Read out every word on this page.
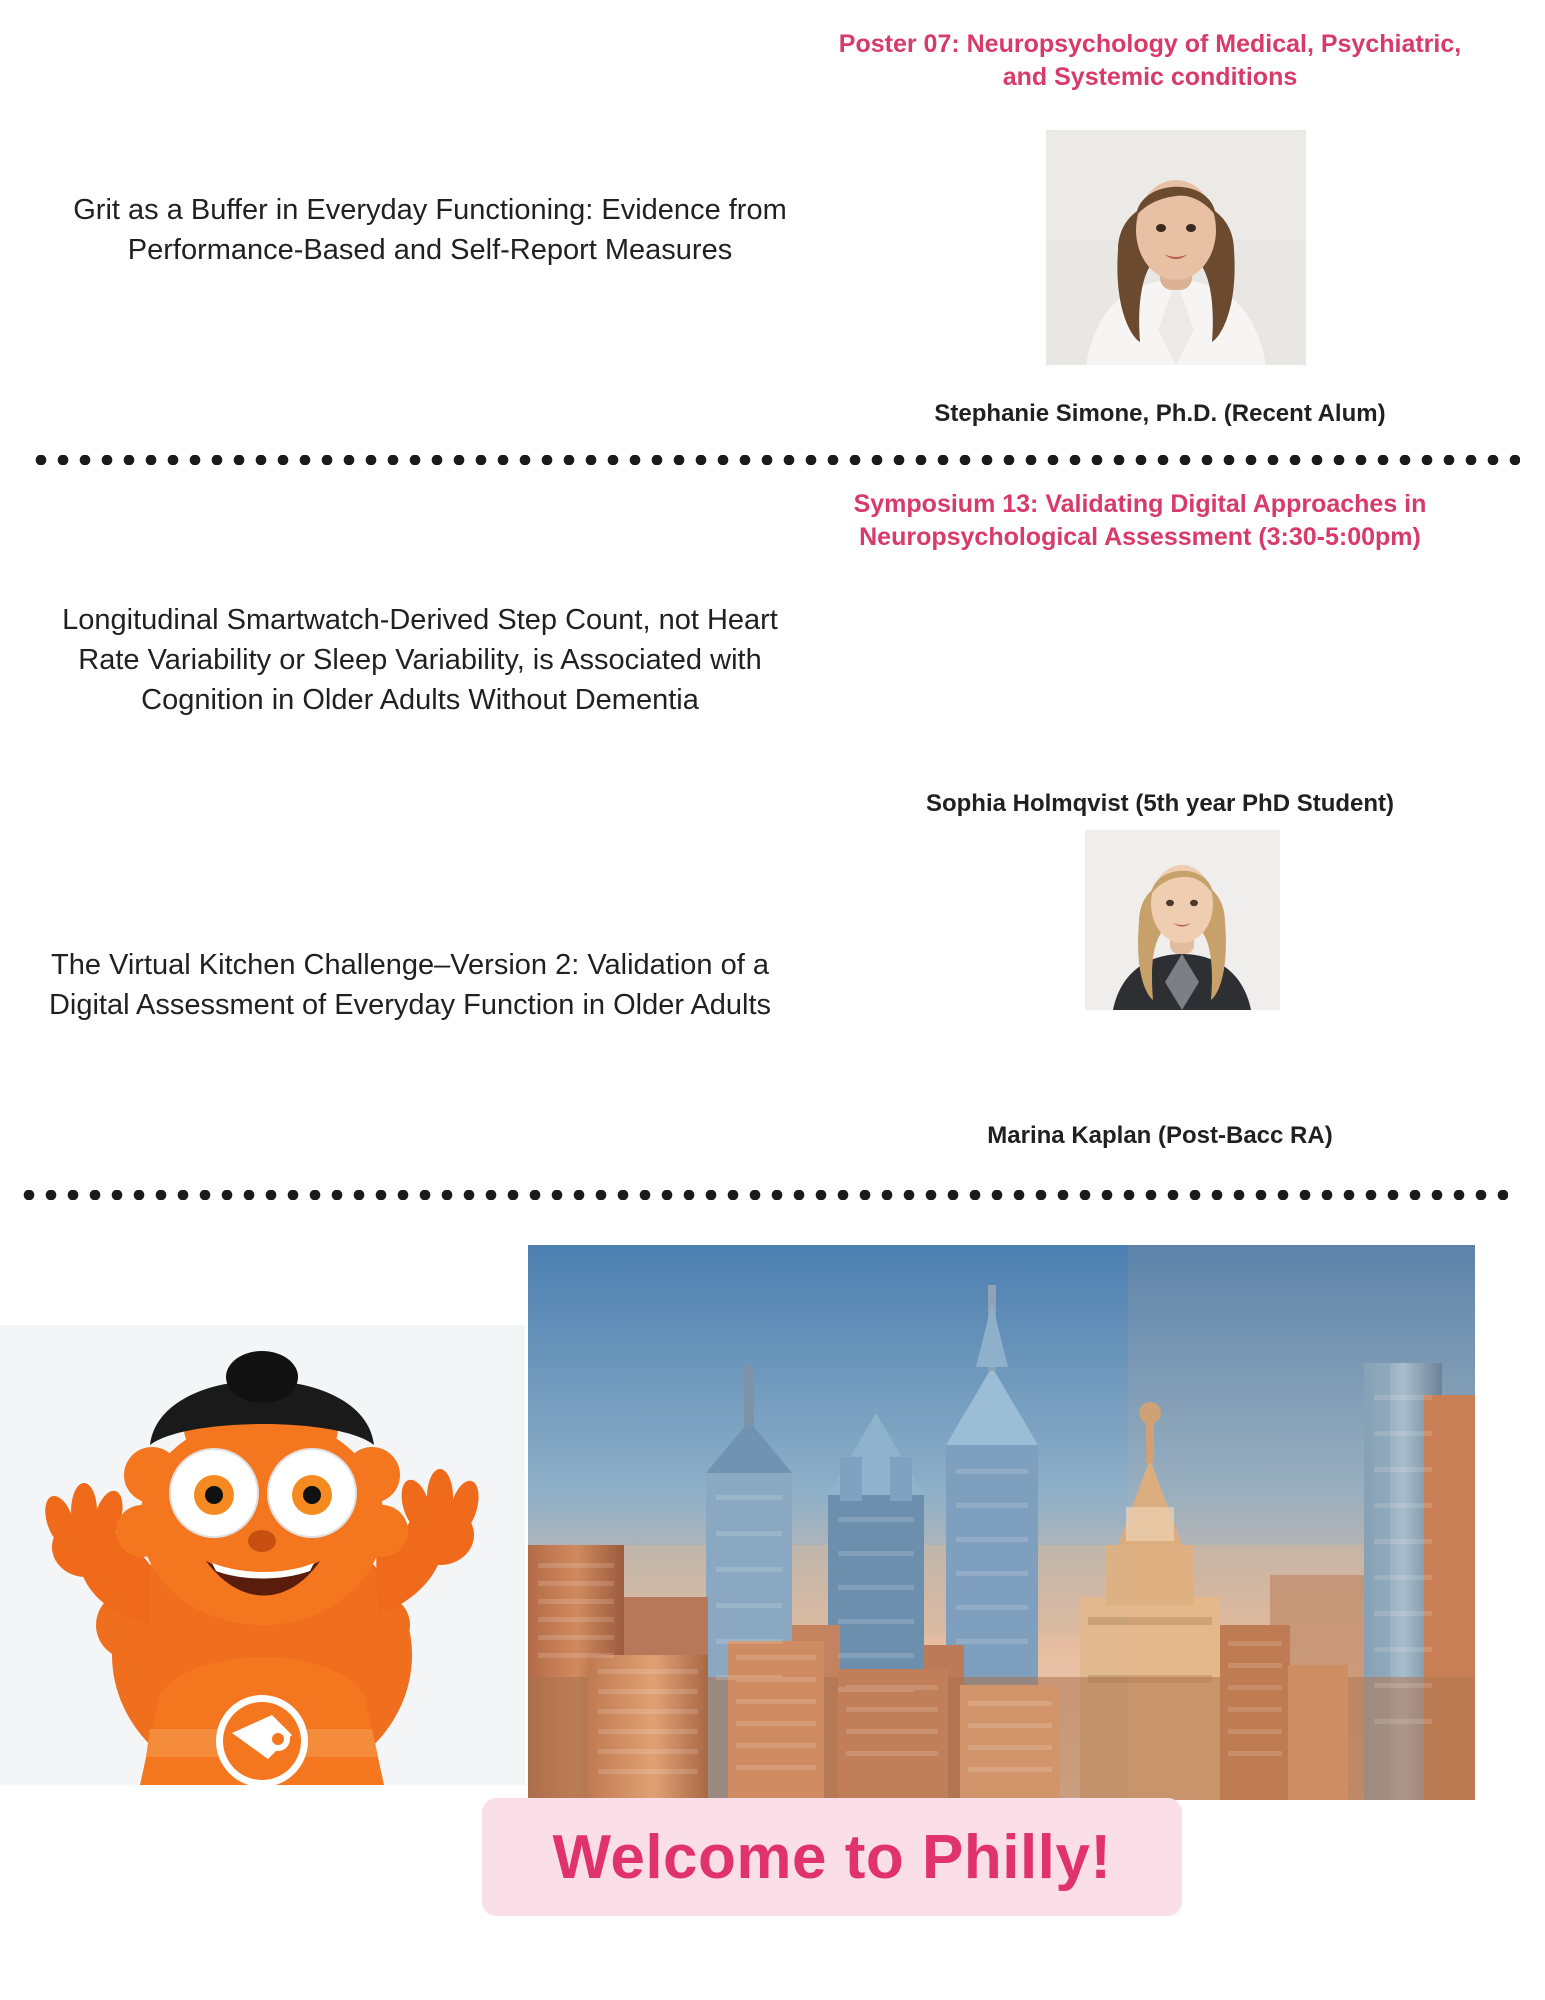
Poster 07: Neuropsychology of Medical, Psychiatric, and Systemic conditions
Grit as a Buffer in Everyday Functioning: Evidence from Performance-Based and Self-Report Measures
Stephanie Simone, Ph.D. (Recent Alum)
Symposium 13: Validating Digital Approaches in Neuropsychological Assessment (3:30-5:00pm)
Longitudinal Smartwatch-Derived Step Count, not Heart Rate Variability or Sleep Variability, is Associated with Cognition in Older Adults Without Dementia
Sophia Holmqvist (5th year PhD Student)
The Virtual Kitchen Challenge–Version 2: Validation of a Digital Assessment of Everyday Function in Older Adults
Marina Kaplan (Post-Bacc RA)
Welcome to Philly!
